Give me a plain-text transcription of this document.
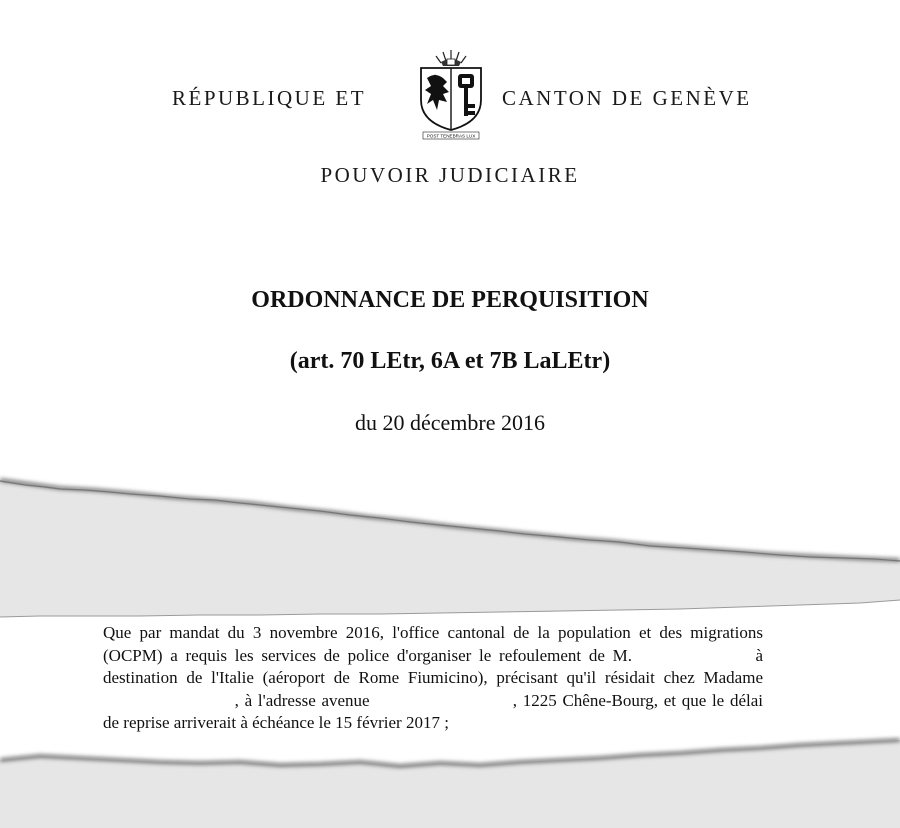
RÉPUBLIQUE ET
POST TENEBRAS LUX
CANTON DE GENÈVE
POUVOIR JUDICIAIRE
ORDONNANCE DE PERQUISITION
(art. 70 LEtr, 6A et 7B LaLEtr)
du 20 décembre 2016
Que par mandat du 3 novembre 2016, l'office cantonal de la population et des migrations
(OCPM) a requis les services de police d'organiser le refoulement de M.                à
destination de l'Italie (aéroport de Rome Fiumicino), précisant qu'il résidait chez Madame
, à l'adresse avenue                         , 1225 Chêne-Bourg, et que le délai
de reprise arriverait à échéance le 15 février 2017 ;
